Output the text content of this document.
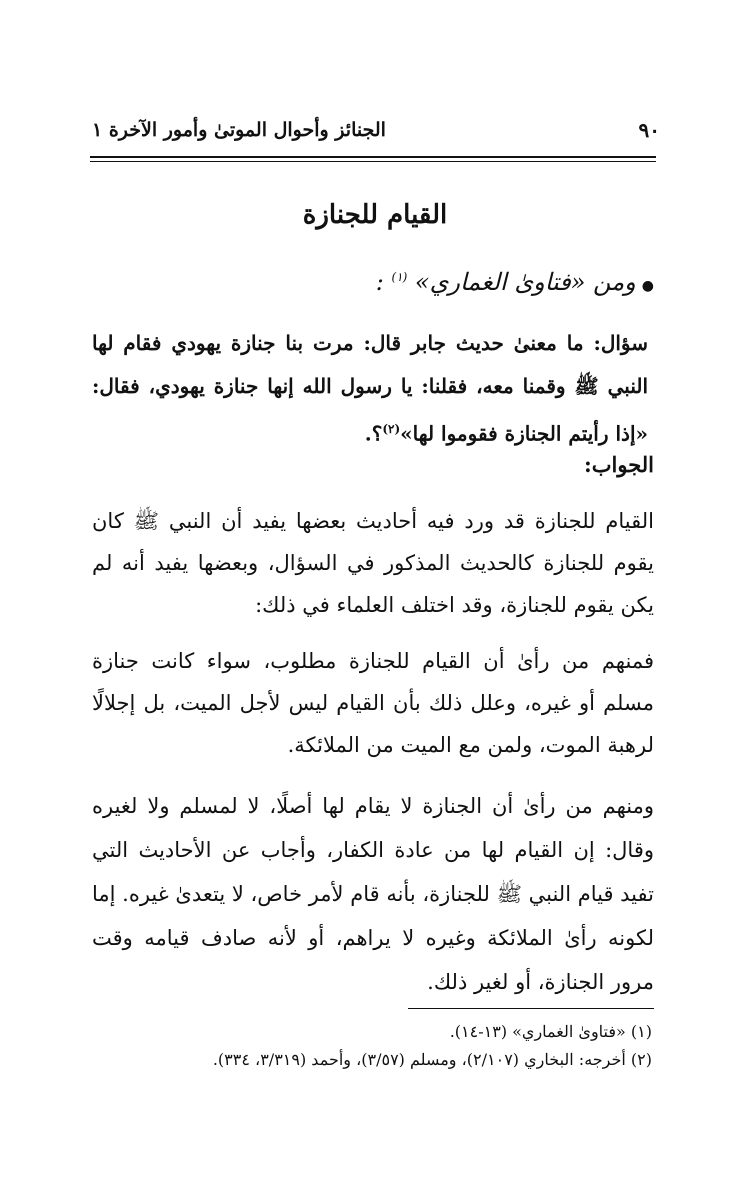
٩٠
الجنائز وأحوال الموتىٰ وأمور الآخرة ١
القيام للجنازة
●ومن «فتاوىٰ الغماري» $^{(١)}$ :
سؤال: ما معنىٰ حديث جابر قال: مرت بنا جنازة يهودي فقام لها النبي ﷺ وقمنا معه، فقلنا: يا رسول الله إنها جنازة يهودي، فقال: «إذا رأيتم الجنازة فقوموا لها»$^{(٢)}$؟.
الجواب:
القيام للجنازة قد ورد فيه أحاديث بعضها يفيد أن النبي ﷺ كان يقوم للجنازة كالحديث المذكور في السؤال، وبعضها يفيد أنه لم يكن يقوم للجنازة، وقد اختلف العلماء في ذلك:
فمنهم من رأىٰ أن القيام للجنازة مطلوب، سواء كانت جنازة مسلم أو غيره، وعلل ذلك بأن القيام ليس لأجل الميت، بل إجلالًا لرهبة الموت، ولمن مع الميت من الملائكة.
ومنهم من رأىٰ أن الجنازة لا يقام لها أصلًا، لا لمسلم ولا لغيره وقال: إن القيام لها من عادة الكفار، وأجاب عن الأحاديث التي تفيد قيام النبي ﷺ للجنازة، بأنه قام لأمر خاص، لا يتعدىٰ غيره. إما لكونه رأىٰ الملائكة وغيره لا يراهم، أو لأنه صادف قيامه وقت مرور الجنازة، أو لغير ذلك.

(١) «فتاوىٰ الغماري» (١٣-١٤).

(٢) أخرجه: البخاري (٢/١٠٧)، ومسلم (٣/٥٧)، وأحمد (٣/٣١٩، ٣٣٤).
